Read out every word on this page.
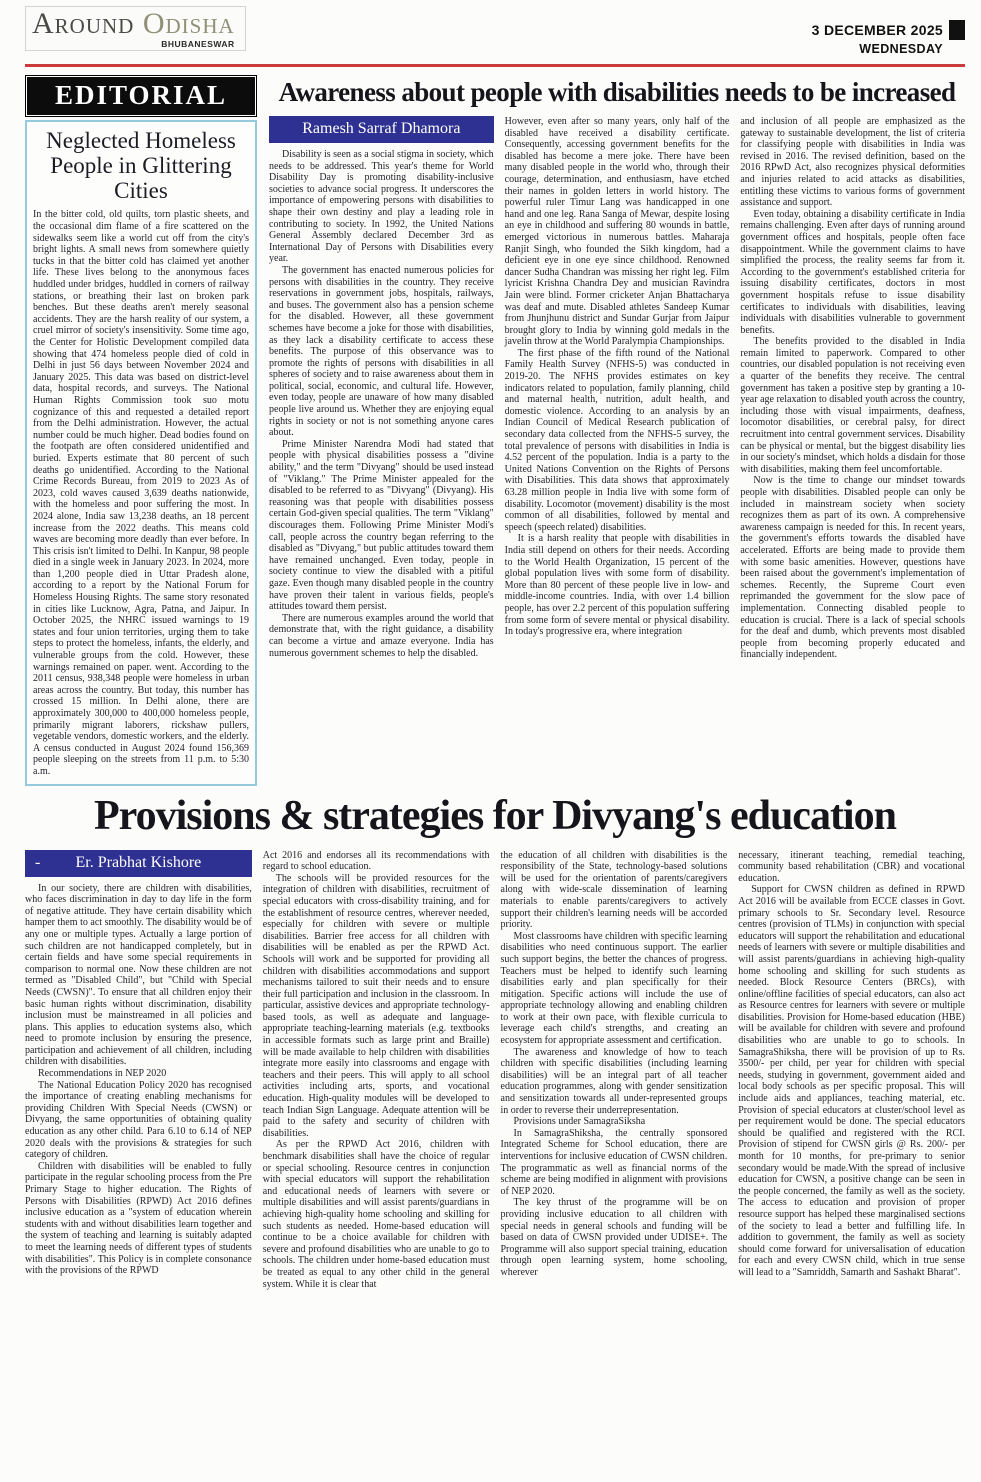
Around Odisha
BHUBANESWAR
3 DECEMBER 2025
WEDNESDAY
EDITORIAL
Neglected Homeless People in Glittering Cities

In the bitter cold, old quilts, torn plastic sheets, and the occasional dim flame of a fire scattered on the sidewalks seem like a world cut off from the city's bright lights. A small news from somewhere quietly tucks in that the bitter cold has claimed yet another life. These lives belong to the anonymous faces huddled under bridges, huddled in corners of railway stations, or breathing their last on broken park benches. But these deaths aren't merely seasonal accidents. They are the harsh reality of our system, a cruel mirror of society's insensitivity. Some time ago, the Center for Holistic Development compiled data showing that 474 homeless people died of cold in Delhi in just 56 days between November 2024 and January 2025. This data was based on district-level data, hospital records, and surveys. The National Human Rights Commission took suo motu cognizance of this and requested a detailed report from the Delhi administration. However, the actual number could be much higher. Dead bodies found on the footpath are often considered unidentified and buried. Experts estimate that 80 percent of such deaths go unidentified. According to the National Crime Records Bureau, from 2019 to 2023 As of 2023, cold waves caused 3,639 deaths nationwide, with the homeless and poor suffering the most. In 2024 alone, India saw 13,238 deaths, an 18 percent increase from the 2022 deaths. This means cold waves are becoming more deadly than ever before. In This crisis isn't limited to Delhi. In Kanpur, 98 people died in a single week in January 2023. In 2024, more than 1,200 people died in Uttar Pradesh alone, according to a report by the National Forum for Homeless Housing Rights. The same story resonated in cities like Lucknow, Agra, Patna, and Jaipur. In October 2025, the NHRC issued warnings to 19 states and four union territories, urging them to take steps to protect the homeless, infants, the elderly, and vulnerable groups from the cold. However, these warnings remained on paper. went. According to the 2011 census, 938,348 people were homeless in urban areas across the country. But today, this number has crossed 15 million. In Delhi alone, there are approximately 300,000 to 400,000 homeless people, primarily migrant laborers, rickshaw pullers, vegetable vendors, domestic workers, and the elderly. A census conducted in August 2024 found 156,369 people sleeping on the streets from 11 p.m. to 5:30 a.m.

Awareness about people with disabilities needs to be increased
Ramesh Sarraf Dhamora

Disability is seen as a social stigma in society, which needs to be addressed. This year's theme for World Disability Day is promoting disability-inclusive societies to advance social progress. It underscores the importance of empowering persons with disabilities to shape their own destiny and play a leading role in contributing to society. In 1992, the United Nations General Assembly declared December 3rd as International Day of Persons with Disabilities every year.

The government has enacted numerous policies for persons with disabilities in the country. They receive reservations in government jobs, hospitals, railways, and buses. The government also has a pension scheme for the disabled. However, all these government schemes have become a joke for those with disabilities, as they lack a disability certificate to access these benefits. The purpose of this observance was to promote the rights of persons with disabilities in all spheres of society and to raise awareness about them in political, social, economic, and cultural life. However, even today, people are unaware of how many disabled people live around us. Whether they are enjoying equal rights in society or not is not something anyone cares about.

Prime Minister Narendra Modi had stated that people with physical disabilities possess a "divine ability," and the term "Divyang" should be used instead of "Viklang." The Prime Minister appealed for the disabled to be referred to as "Divyang" (Divyang). His reasoning was that people with disabilities possess certain God-given special qualities. The term "Viklang" discourages them. Following Prime Minister Modi's call, people across the country began referring to the disabled as "Divyang," but public attitudes toward them have remained unchanged. Even today, people in society continue to view the disabled with a pitiful gaze. Even though many disabled people in the country have proven their talent in various fields, people's attitudes toward them persist.

There are numerous examples around the world that demonstrate that, with the right guidance, a disability can become a virtue and amaze everyone. India has numerous government schemes to help the disabled.

However, even after so many years, only half of the disabled have received a disability certificate. Consequently, accessing government benefits for the disabled has become a mere joke. There have been many disabled people in the world who, through their courage, determination, and enthusiasm, have etched their names in golden letters in world history. The powerful ruler Timur Lang was handicapped in one hand and one leg. Rana Sanga of Mewar, despite losing an eye in childhood and suffering 80 wounds in battle, emerged victorious in numerous battles. Maharaja Ranjit Singh, who founded the Sikh kingdom, had a deficient eye in one eye since childhood. Renowned dancer Sudha Chandran was missing her right leg. Film lyricist Krishna Chandra Dey and musician Ravindra Jain were blind. Former cricketer Anjan Bhattacharya was deaf and mute. Disabled athletes Sandeep Kumar from Jhunjhunu district and Sundar Gurjar from Jaipur brought glory to India by winning gold medals in the javelin throw at the World Paralympia Championships.

The first phase of the fifth round of the National Family Health Survey (NFHS-5) was conducted in 2019-20. The NFHS provides estimates on key indicators related to population, family planning, child and maternal health, nutrition, adult health, and domestic violence. According to an analysis by an Indian Council of Medical Research publication of secondary data collected from the NFHS-5 survey, the total prevalence of persons with disabilities in India is 4.52 percent of the population. India is a party to the United Nations Convention on the Rights of Persons with Disabilities. This data shows that approximately 63.28 million people in India live with some form of disability. Locomotor (movement) disability is the most common of all disabilities, followed by mental and speech (speech related) disabilities.

It is a harsh reality that people with disabilities in India still depend on others for their needs. According to the World Health Organization, 15 percent of the global population lives with some form of disability. More than 80 percent of these people live in low- and middle-income countries. India, with over 1.4 billion people, has over 2.2 percent of this population suffering from some form of severe mental or physical disability. In today's progressive era, where integration

and inclusion of all people are emphasized as the gateway to sustainable development, the list of criteria for classifying people with disabilities in India was revised in 2016. The revised definition, based on the 2016 RPwD Act, also recognizes physical deformities and injuries related to acid attacks as disabilities, entitling these victims to various forms of government assistance and support.

Even today, obtaining a disability certificate in India remains challenging. Even after days of running around government offices and hospitals, people often face disappointment. While the government claims to have simplified the process, the reality seems far from it. According to the government's established criteria for issuing disability certificates, doctors in most government hospitals refuse to issue disability certificates to individuals with disabilities, leaving individuals with disabilities vulnerable to government benefits.

The benefits provided to the disabled in India remain limited to paperwork. Compared to other countries, our disabled population is not receiving even a quarter of the benefits they receive. The central government has taken a positive step by granting a 10-year age relaxation to disabled youth across the country, including those with visual impairments, deafness, locomotor disabilities, or cerebral palsy, for direct recruitment into central government services. Disability can be physical or mental, but the biggest disability lies in our society's mindset, which holds a disdain for those with disabilities, making them feel uncomfortable.

Now is the time to change our mindset towards people with disabilities. Disabled people can only be included in mainstream society when society recognizes them as part of its own. A comprehensive awareness campaign is needed for this. In recent years, the government's efforts towards the disabled have accelerated. Efforts are being made to provide them with some basic amenities. However, questions have been raised about the government's implementation of schemes. Recently, the Supreme Court even reprimanded the government for the slow pace of implementation. Connecting disabled people to education is crucial. There is a lack of special schools for the deaf and dumb, which prevents most disabled people from becoming properly educated and financially independent.

Provisions & strategies for Divyang's education
- Er. Prabhat Kishore

In our society, there are children with disabilities, who faces discrimination in day to day life in the form of negative attitude. They have certain disability which hamper them to act smoothly. The disability would be of any one or multiple types. Actually a large portion of such children are not handicapped completely, but in certain fields and have some special requirements in comparison to normal one. Now these children are not termed as "Disabled Child", but "Child with Special Needs (CWSN)". To ensure that all children enjoy their basic human rights without discrimination, disability inclusion must be mainstreamed in all policies and plans. This applies to education systems also, which need to promote inclusion by ensuring the presence, participation and achievement of all children, including children with disabilities.

Recommendations in NEP 2020

The National Education Policy 2020 has recognised the importance of creating enabling mechanisms for providing Children With Special Needs (CWSN) or Divyang, the same opportunities of obtaining quality education as any other child. Para 6.10 to 6.14 of NEP 2020 deals with the provisions & strategies for such category of children.

Children with disabilities will be enabled to fully participate in the regular schooling process from the Pre Primary Stage to higher education. The Rights of Persons with Disabilities (RPWD) Act 2016 defines inclusive education as a "system of education wherein students with and without disabilities learn together and the system of teaching and learning is suitably adapted to meet the learning needs of different types of students with disabilities". This Policy is in complete consonance with the provisions of the RPWD

Act 2016 and endorses all its recommendations with regard to school education.

The schools will be provided resources for the integration of children with disabilities, recruitment of special educators with cross-disability training, and for the establishment of resource centres, wherever needed, especially for children with severe or multiple disabilities. Barrier free access for all children with disabilities will be enabled as per the RPWD Act. Schools will work and be supported for providing all children with disabilities accommodations and support mechanisms tailored to suit their needs and to ensure their full participation and inclusion in the classroom. In particular, assistive devices and appropriate technology-based tools, as well as adequate and language-appropriate teaching-learning materials (e.g. textbooks in accessible formats such as large print and Braille) will be made available to help children with disabilities integrate more easily into classrooms and engage with teachers and their peers. This will apply to all school activities including arts, sports, and vocational education. High-quality modules will be developed to teach Indian Sign Language. Adequate attention will be paid to the safety and security of children with disabilities.

As per the RPWD Act 2016, children with benchmark disabilities shall have the choice of regular or special schooling. Resource centres in conjunction with special educators will support the rehabilitation and educational needs of learners with severe or multiple disabilities and will assist parents/guardians in achieving high-quality home schooling and skilling for such students as needed. Home-based education will continue to be a choice available for children with severe and profound disabilities who are unable to go to schools. The children under home-based education must be treated as equal to any other child in the general system. While it is clear that

the education of all children with disabilities is the responsibility of the State, technology-based solutions will be used for the orientation of parents/caregivers along with wide-scale dissemination of learning materials to enable parents/caregivers to actively support their children's learning needs will be accorded priority.

Most classrooms have children with specific learning disabilities who need continuous support. The earlier such support begins, the better the chances of progress. Teachers must be helped to identify such learning disabilities early and plan specifically for their mitigation. Specific actions will include the use of appropriate technology allowing and enabling children to work at their own pace, with flexible curricula to leverage each child's strengths, and creating an ecosystem for appropriate assessment and certification.

The awareness and knowledge of how to teach children with specific disabilities (including learning disabilities) will be an integral part of all teacher education programmes, along with gender sensitization and sensitization towards all under-represented groups in order to reverse their underrepresentation.

Provisions under SamagraSiksha

In SamagraShiksha, the centrally sponsored Integrated Scheme for School education, there are interventions for inclusive education of CWSN children. The programmatic as well as financial norms of the scheme are being modified in alignment with provisions of NEP 2020.

The key thrust of the programme will be on providing inclusive education to all children with special needs in general schools and funding will be based on data of CWSN provided under UDISE+. The Programme will also support special training, education through open learning system, home schooling, wherever

necessary, itinerant teaching, remedial teaching, community based rehabilitation (CBR) and vocational education.

Support for CWSN children as defined in RPWD Act 2016 will be available from ECCE classes in Govt. primary schools to Sr. Secondary level. Resource centres (provision of TLMs) in conjunction with special educators will support the rehabilitation and educational needs of learners with severe or multiple disabilities and will assist parents/guardians in achieving high-quality home schooling and skilling for such students as needed. Block Resource Centers (BRCs), with online/offline facilities of special educators, can also act as Resource centres for learners with severe or multiple disabilities. Provision for Home-based education (HBE) will be available for children with severe and profound disabilities who are unable to go to schools. In SamagraShiksha, there will be provision of up to Rs. 3500/- per child, per year for children with special needs, studying in government, government aided and local body schools as per specific proposal. This will include aids and appliances, teaching material, etc. Provision of special educators at cluster/school level as per requirement would be done. The special educators should be qualified and registered with the RCI. Provision of stipend for CWSN girls @ Rs. 200/- per month for 10 months, for pre-primary to senior secondary would be made.With the spread of inclusive education for CWSN, a positive change can be seen in the people concerned, the family as well as the society. The access to education and provision of proper resource support has helped these marginalised sections of the society to lead a better and fulfilling life. In addition to government, the family as well as society should come forward for universalisation of education for each and every CWSN child, which in true sense will lead to a "Samriddh, Samarth and Sashakt Bharat".
